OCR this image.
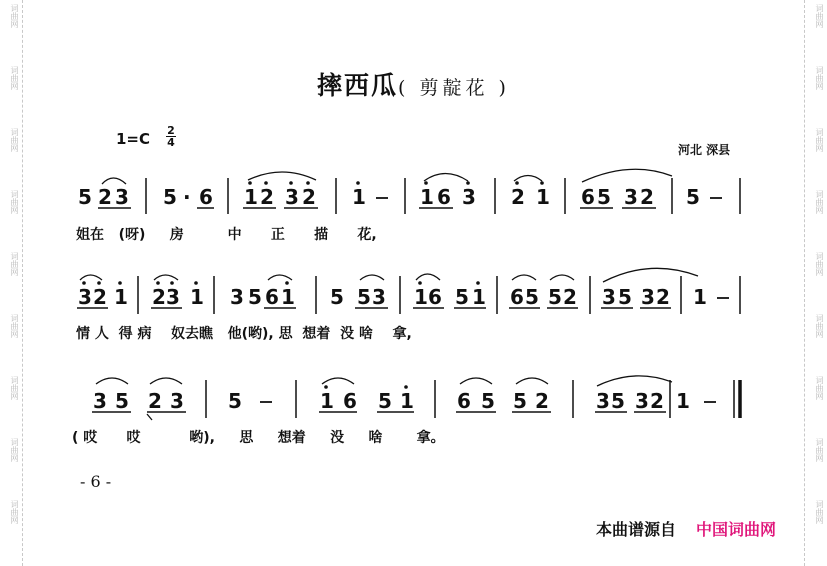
词曲网
词曲网
词曲网
词曲网
词曲网
词曲网
词曲网
词曲网
词曲网
词曲网
词曲网
词曲网
词曲网
词曲网
词曲网
词曲网
词曲网
词曲网
摔西瓜( 剪靛花 )
1=C 2
4
河北 深县
5 2 3 5 · 6 1 2 3 2 1	1 6 3 2 1 6 5 3 2 5
3 2 1 2 3 1 3 5 6 1 5 5 3 1 6 5 1 6 5 5 2 3 5 3 2 1
3 5 2 3 5	1 6 5 1 6 5 5 2 3 5 3 2 1
姐在   (呀)     房         中      正      描      花,
情 人  得 病    奴去瞧   他(哟), 思  想着  没 啥    拿,
( 哎      哎          哟),     思     想着     没     啥       拿。
- 6 -
本曲谱源自 中国词曲网
